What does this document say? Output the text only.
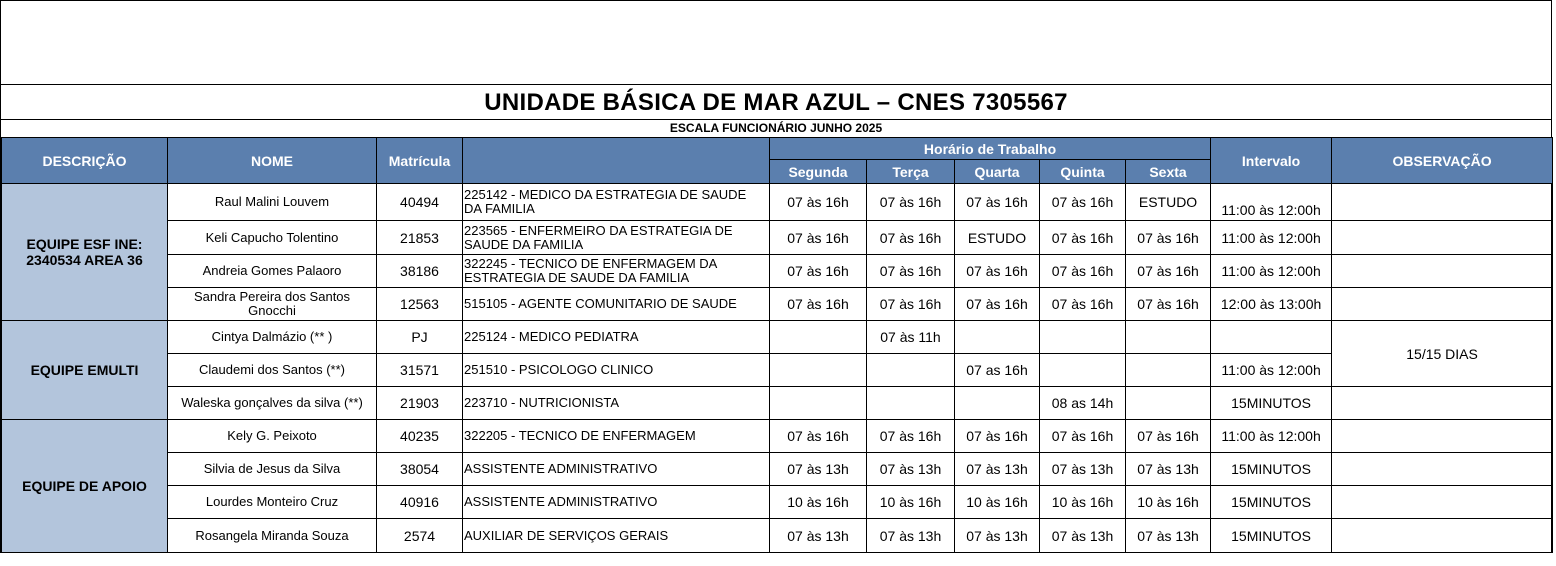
UNIDADE BÁSICA DE MAR AZUL – CNES 7305567
ESCALA FUNCIONÁRIO JUNHO 2025
DESCRIÇÃO	NOME	Matrícula		Horário de Trabalho					Intervalo	OBSERVAÇÃO
				Segunda	Terça	Quarta	Quinta	Sexta		
EQUIPE ESF INE: 2340534 AREA 36	Raul Malini Louvem	40494	225142 - MEDICO DA ESTRATEGIA DE SAUDE DA FAMILIA	07 às 16h	07 às 16h	07 às 16h	07 às 16h	ESTUDO	11:00 às 12:00h	
	Keli Capucho Tolentino	21853	223565 - ENFERMEIRO DA ESTRATEGIA DE SAUDE DA FAMILIA	07 às 16h	07 às 16h	ESTUDO	07 às 16h	07 às 16h	11:00 às 12:00h	
	Andreia Gomes Palaoro	38186	322245 - TECNICO DE ENFERMAGEM DA ESTRATEGIA DE SAUDE DA FAMILIA	07 às 16h	07 às 16h	07 às 16h	07 às 16h	07 às 16h	11:00 às 12:00h	
	Sandra Pereira dos Santos Gnocchi	12563	515105 - AGENTE COMUNITARIO DE SAUDE	07 às 16h	07 às 16h	07 às 16h	07 às 16h	07 às 16h	12:00 às 13:00h	
EQUIPE EMULTI	Cintya Dalmázio (** )	PJ	225124 - MEDICO PEDIATRA		07 às 11h					15/15 DIAS
	Claudemi dos Santos (**)	31571	251510 - PSICOLOGO CLINICO			07 as 16h			11:00 às 12:00h	
	Waleska gonçalves da silva (**)	21903	223710 - NUTRICIONISTA				08 as 14h		15MINUTOS	
EQUIPE DE APOIO	Kely G. Peixoto	40235	322205 - TECNICO DE ENFERMAGEM	07 às 16h	07 às 16h	07 às 16h	07 às 16h	07 às 16h	11:00 às 12:00h	
	Silvia de Jesus da Silva	38054	ASSISTENTE ADMINISTRATIVO	07 às 13h	07 às 13h	07 às 13h	07 às 13h	07 às 13h	15MINUTOS	
	Lourdes Monteiro Cruz	40916	ASSISTENTE ADMINISTRATIVO	10 às 16h	10 às 16h	10 às 16h	10 às 16h	10 às 16h	15MINUTOS	
	Rosangela Miranda Souza	2574	AUXILIAR DE SERVIÇOS GERAIS	07 às 13h	07 às 13h	07 às 13h	07 às 13h	07 às 13h	15MINUTOS	
